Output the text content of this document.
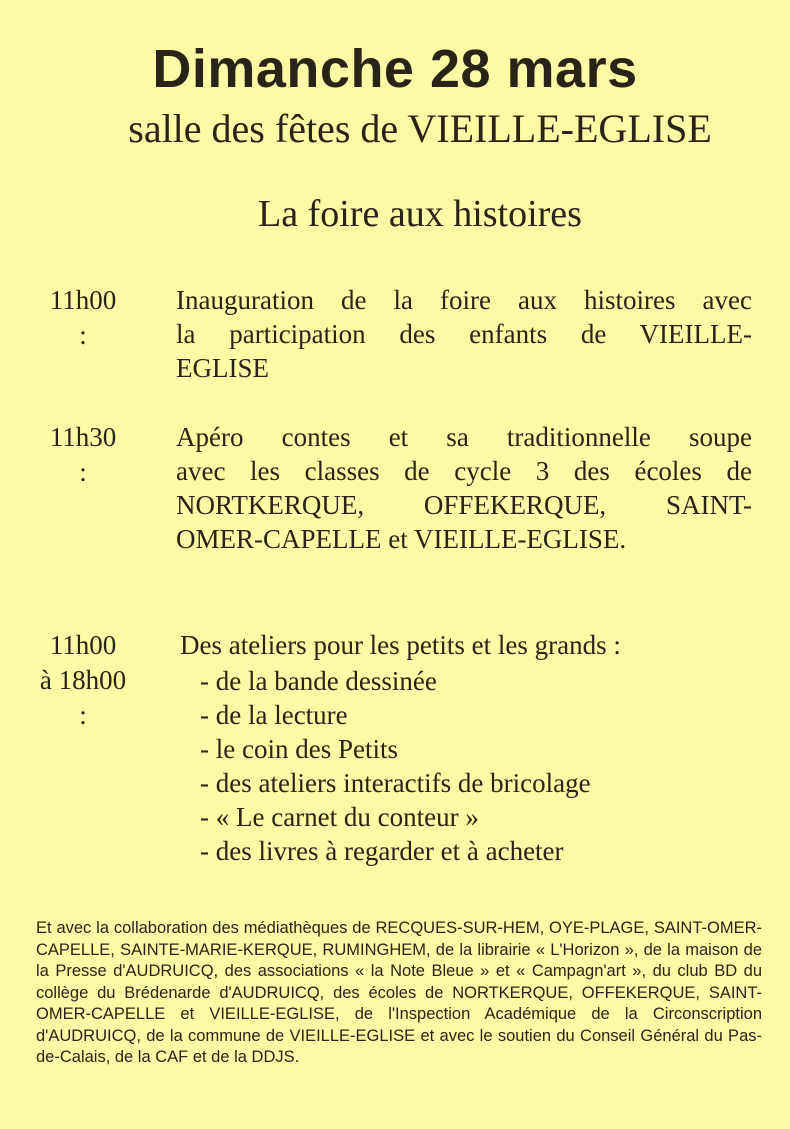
Dimanche 28 mars
salle des fêtes de VIEILLE-EGLISE
La foire aux histoires
11h00
:
Inauguration de la foire aux histoires avec
la participation des enfants de VIEILLE-
EGLISE
11h30
:
Apéro contes et sa traditionnelle soupe
avec les classes de cycle 3 des écoles de
NORTKERQUE, OFFEKERQUE, SAINT-
OMER-CAPELLE et VIEILLE-EGLISE.
11h00
à 18h00
:
Des ateliers pour les petits et les grands :
- de la bande dessinée
- de la lecture
- le coin des Petits
- des ateliers interactifs de bricolage
- « Le carnet du conteur »
- des livres à regarder et à acheter
Et avec la collaboration des médiathèques de RECQUES-SUR-HEM, OYE-PLAGE, SAINT-OMER-CAPELLE, SAINTE-MARIE-KERQUE, RUMINGHEM, de la librairie « L'Horizon », de la maison de la Presse d'AUDRUICQ, des associations « la Note Bleue » et « Campagn'art », du club BD du collège du Brédenarde d'AUDRUICQ, des écoles de NORTKERQUE, OFFEKERQUE, SAINT-OMER-CAPELLE et VIEILLE-EGLISE, de l'Inspection Académique de la Circonscription d'AUDRUICQ, de la commune de VIEILLE-EGLISE et avec le soutien du Conseil Général du Pas-de-Calais, de la CAF et de la DDJS.
